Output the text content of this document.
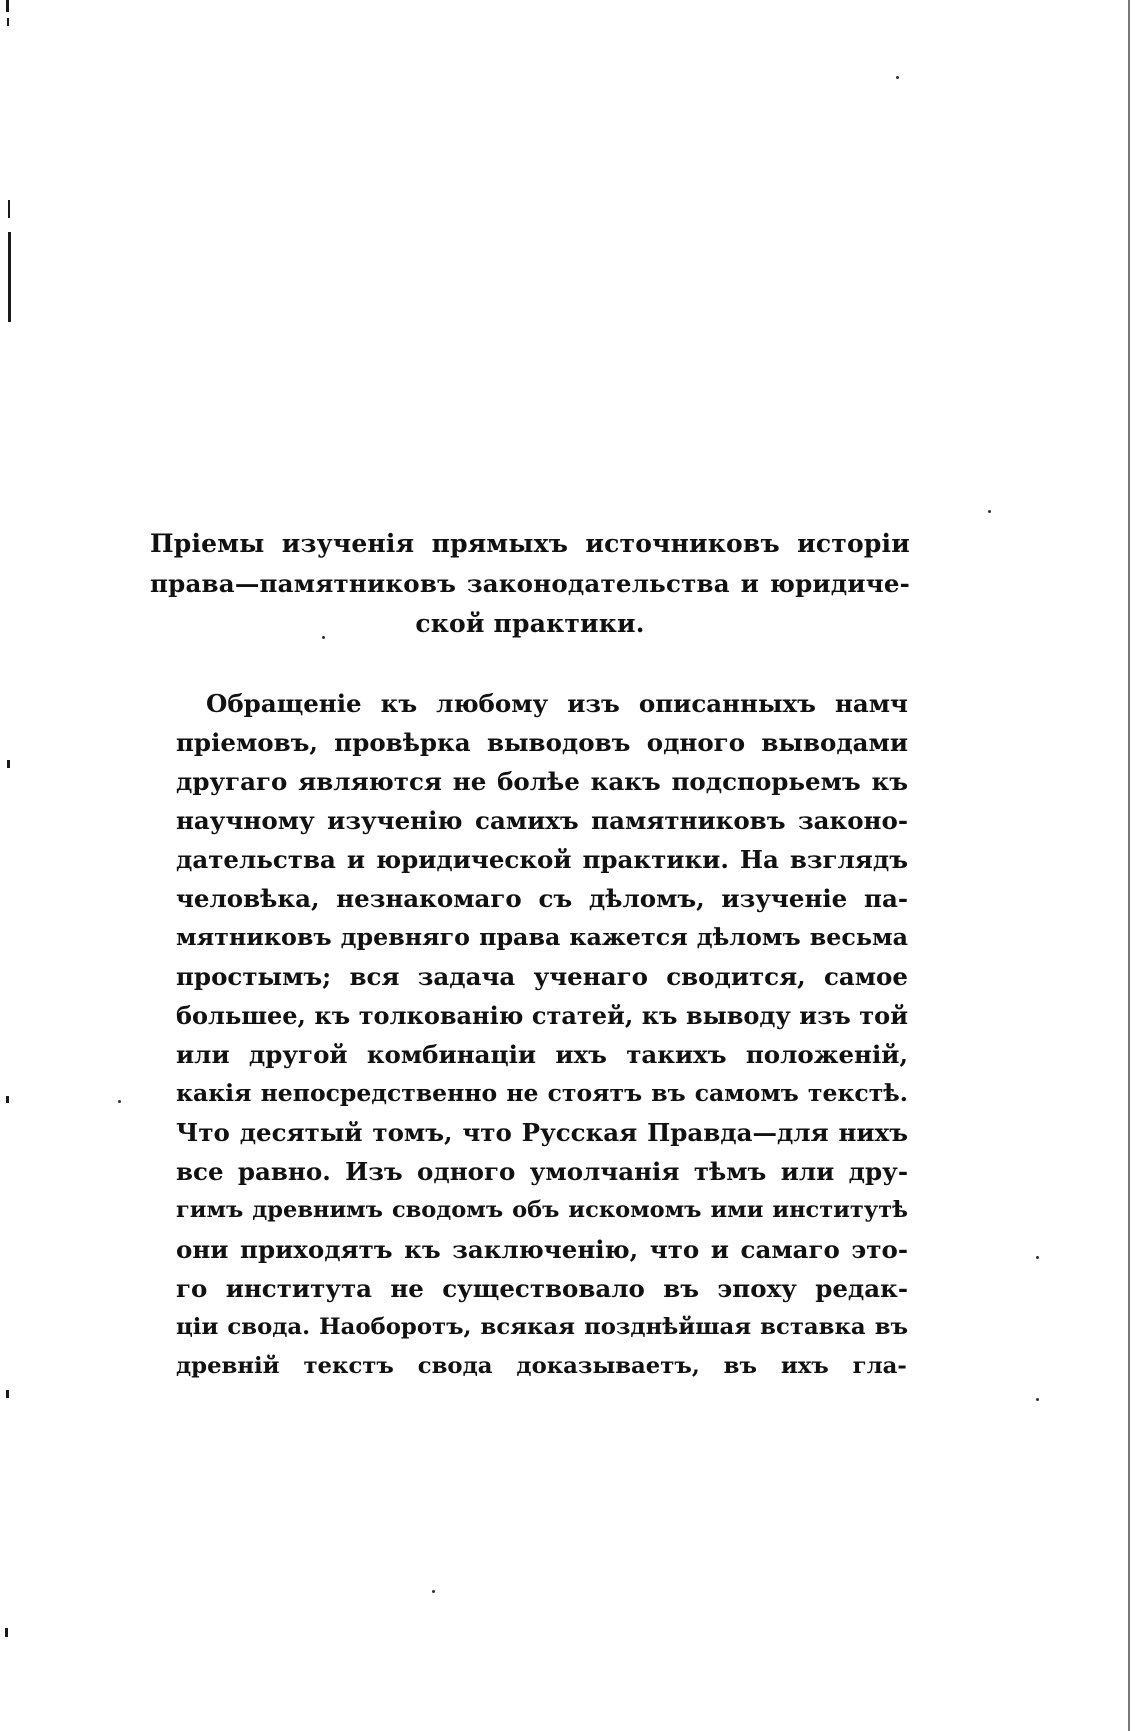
Пріемы изученія прямыхъ источниковъ исторіи
права—памятниковъ законодательства и юридиче-
ской практики.
Обращеніе къ любому изъ описанныхъ намч
пріемовъ, провѣрка выводовъ одного выводами
другаго являются не болѣе какъ подспорьемъ къ
научному изученію самихъ памятниковъ законо-
дательства и юридической практики. На взглядъ
человѣка, незнакомаго съ дѣломъ, изученіе па-
мятниковъ древняго права кажется дѣломъ весьма
простымъ; вся задача ученаго сводится, самое
большее, къ толкованію статей, къ выводу изъ той
или другой комбинаціи ихъ такихъ положеній,
какія непосредственно не стоятъ въ самомъ текстѣ.
Что десятый томъ, что Русская Правда—для нихъ
все равно. Изъ одного умолчанія тѣмъ или дру-
гимъ древнимъ сводомъ объ искомомъ ими институтѣ
они приходятъ къ заключенію, что и самаго это-
го института не существовало въ эпоху редак-
ціи свода. Наоборотъ, всякая позднѣйшая вставка въ
древній текстъ свода доказываетъ, въ ихъ гла-
